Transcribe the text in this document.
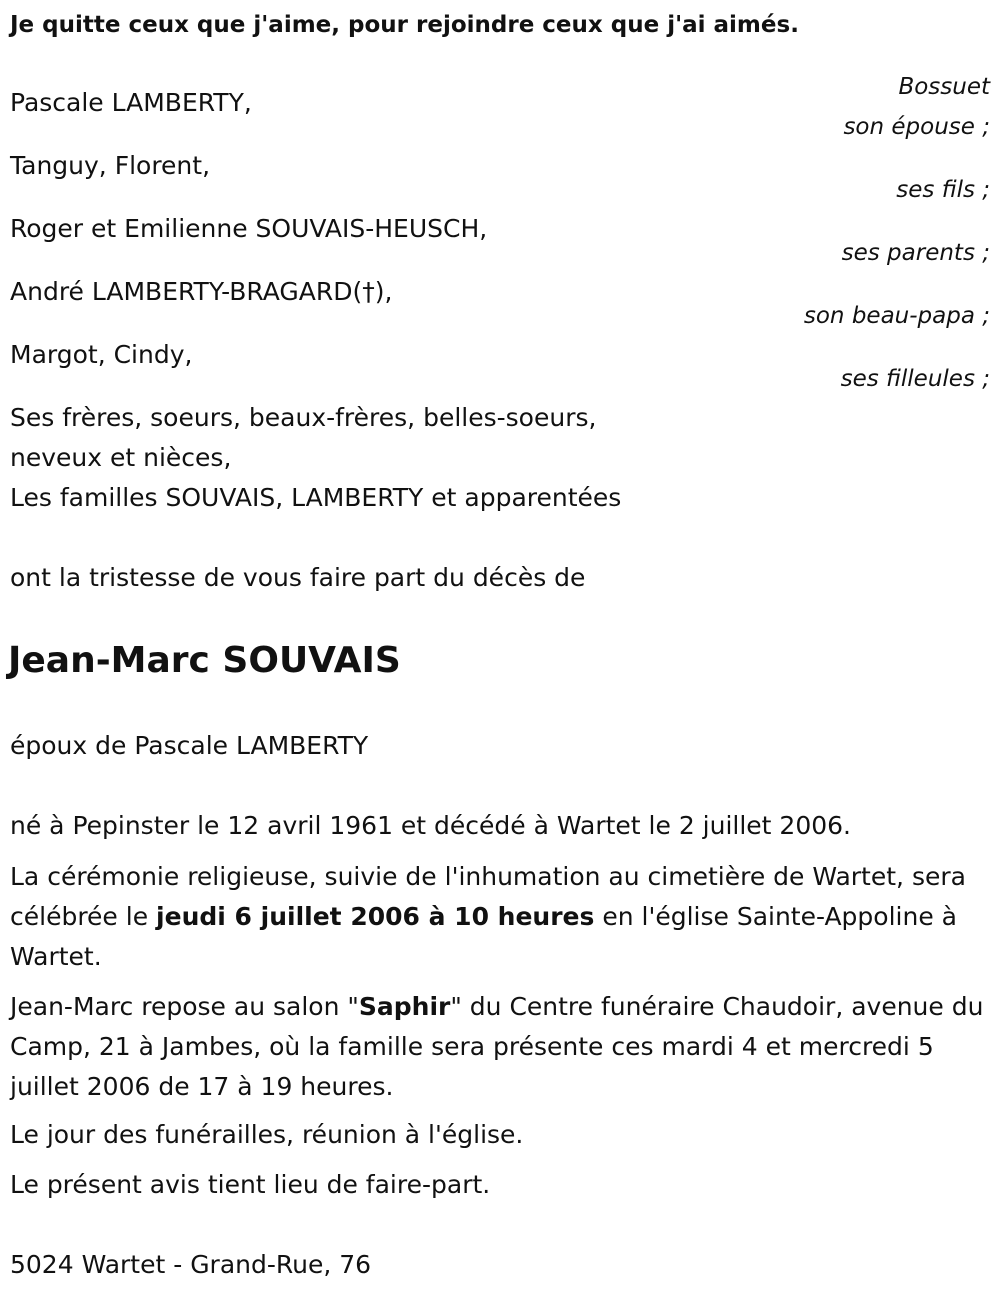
Je quitte ceux que j'aime, pour rejoindre ceux que j'ai aimés.
Bossuet
Pascale LAMBERTY,
son épouse ;
Tanguy, Florent,
ses fils ;
Roger et Emilienne SOUVAIS-HEUSCH,
ses parents ;
André LAMBERTY-BRAGARD(†),
son beau-papa ;
Margot, Cindy,
ses filleules ;
Ses frères, soeurs, beaux-frères, belles-soeurs,
neveux et nièces,
Les familles SOUVAIS, LAMBERTY et apparentées
ont la tristesse de vous faire part du décès de
Jean-Marc SOUVAIS
époux de Pascale LAMBERTY
né à Pepinster le 12 avril 1961 et décédé à Wartet le 2 juillet 2006.
La cérémonie religieuse, suivie de l'inhumation au cimetière de Wartet, sera célébrée le jeudi 6 juillet 2006 à 10 heures en l'église Sainte-Appoline à Wartet.
Jean-Marc repose au salon "Saphir" du Centre funéraire Chaudoir, avenue du Camp, 21 à Jambes, où la famille sera présente ces mardi 4 et mercredi 5 juillet 2006 de 17 à 19 heures.
Le jour des funérailles, réunion à l'église.
Le présent avis tient lieu de faire-part.
5024 Wartet - Grand-Rue, 76
